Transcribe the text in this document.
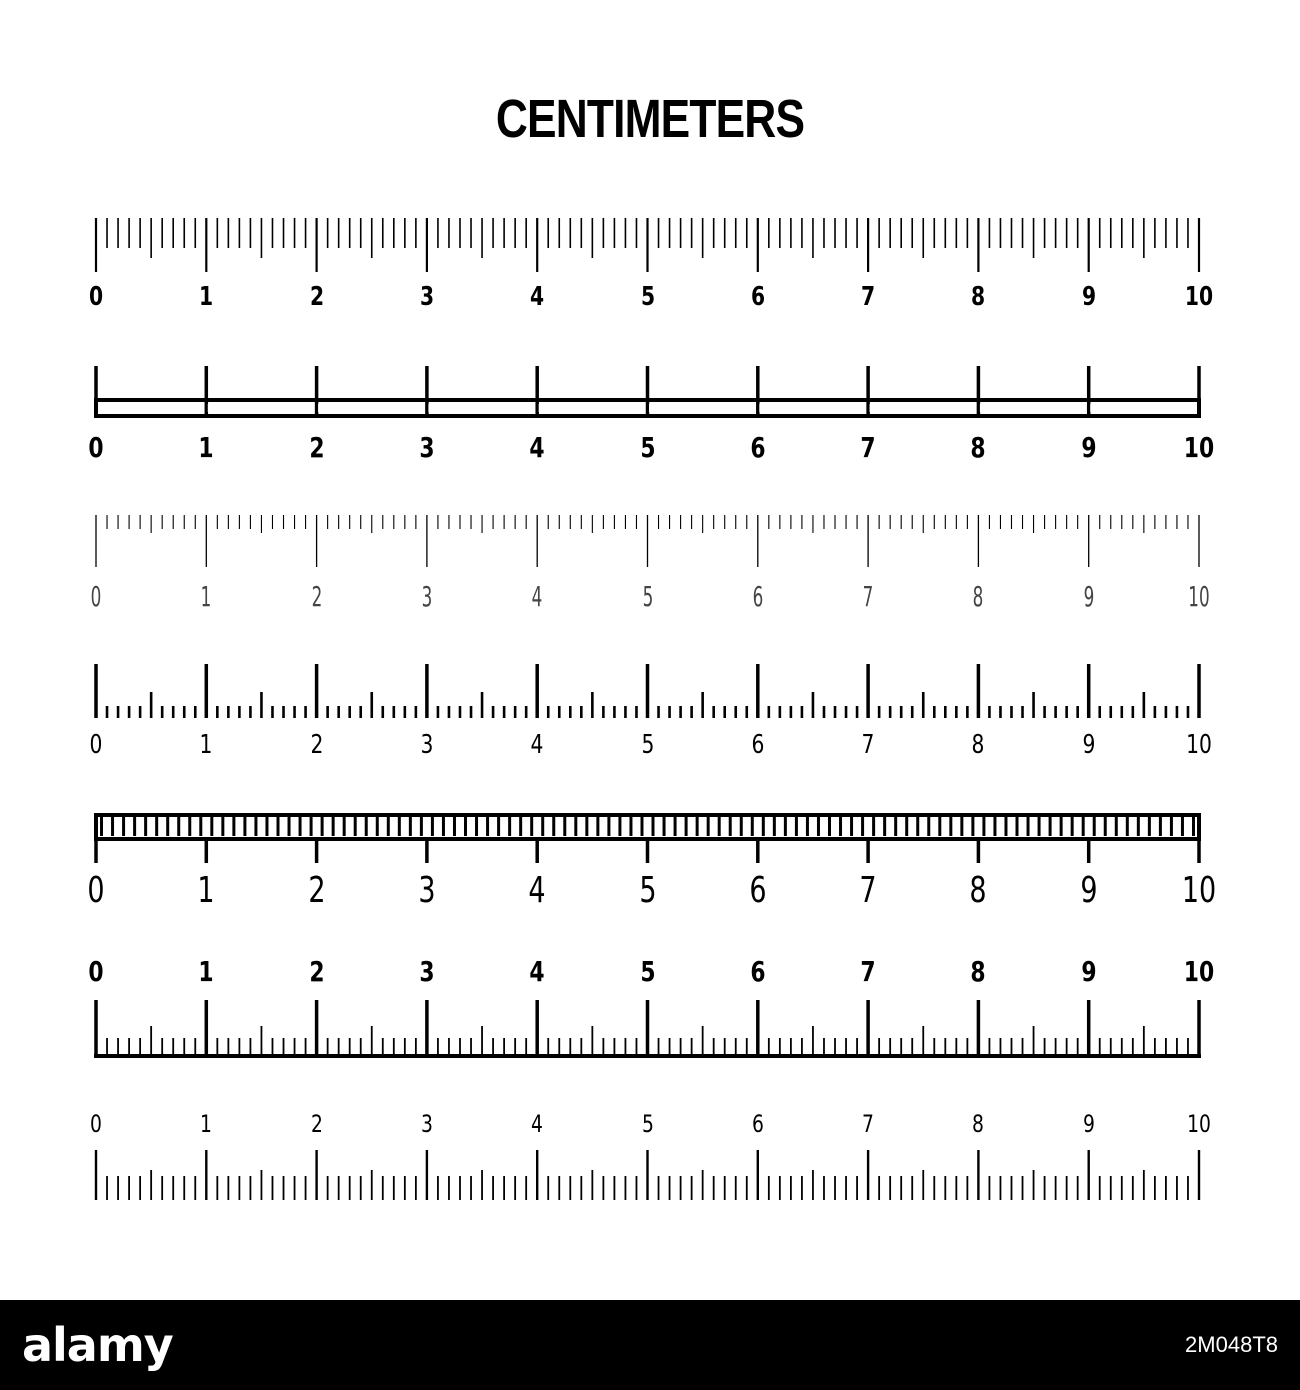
CENTIMETERS
0	1	2	3	4	5	6	7	8	9	10
0	1	2	3	4	5	6	7	8	9	10
0	1	2	3	4	5	6	7	8	9	10
0	1	2	3	4	5	6	7	8	9	10
0	1	2	3	4	5	6	7	8	9	10
0	1	2	3	4	5	6	7	8	9	10
0	1	2	3	4	5	6	7	8	9	10
alamy	2M048T8
